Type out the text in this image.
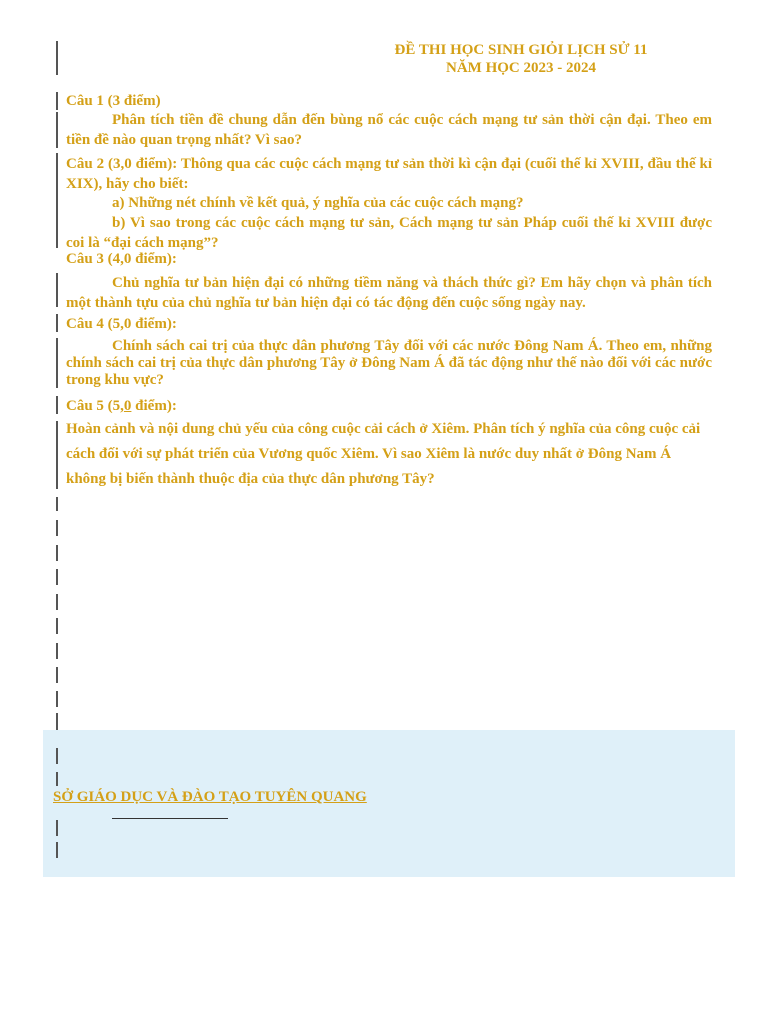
ĐỀ THI HỌC SINH GIỎI LỊCH SỬ 11
NĂM HỌC 2023 - 2024
Câu 1 (3 điểm)
Phân tích tiền đề chung dẫn đến bùng nổ các cuộc cách mạng tư sản thời cận đại. Theo em tiền đề nào quan trọng nhất? Vì sao?
Câu 2 (3,0 điểm): Thông qua các cuộc cách mạng tư sản thời kì cận đại (cuối thế kỉ XVIII, đầu thế kỉ XIX), hãy cho biết:
a) Những nét chính về kết quả, ý nghĩa của các cuộc cách mạng?
b) Vì sao trong các cuộc cách mạng tư sản, Cách mạng tư sản Pháp cuối thế kỉ XVIII được coi là “đại cách mạng”?
Câu 3 (4,0 điểm):
Chủ nghĩa tư bản hiện đại có những tiềm năng và thách thức gì? Em hãy chọn và phân tích một thành tựu của chủ nghĩa tư bản hiện đại có tác động đến cuộc sống ngày nay.
Câu 4 (5,0 điểm):
Chính sách cai trị của thực dân phương Tây đối với các nước Đông Nam Á. Theo em, những chính sách cai trị của thực dân phương Tây ở Đông Nam Á đã tác động như thế nào đối với các nước trong khu vực?
Câu 5 (5,0 điểm):
Hoàn cảnh và nội dung chủ yếu của công cuộc cải cách ở Xiêm. Phân tích ý nghĩa của công cuộc cải cách đối với sự phát triển của Vương quốc Xiêm. Vì sao Xiêm là nước duy nhất ở Đông Nam Á không bị biến thành thuộc địa của thực dân phương Tây?
SỞ GIÁO DỤC VÀ ĐÀO TẠO TUYÊN QUANG
